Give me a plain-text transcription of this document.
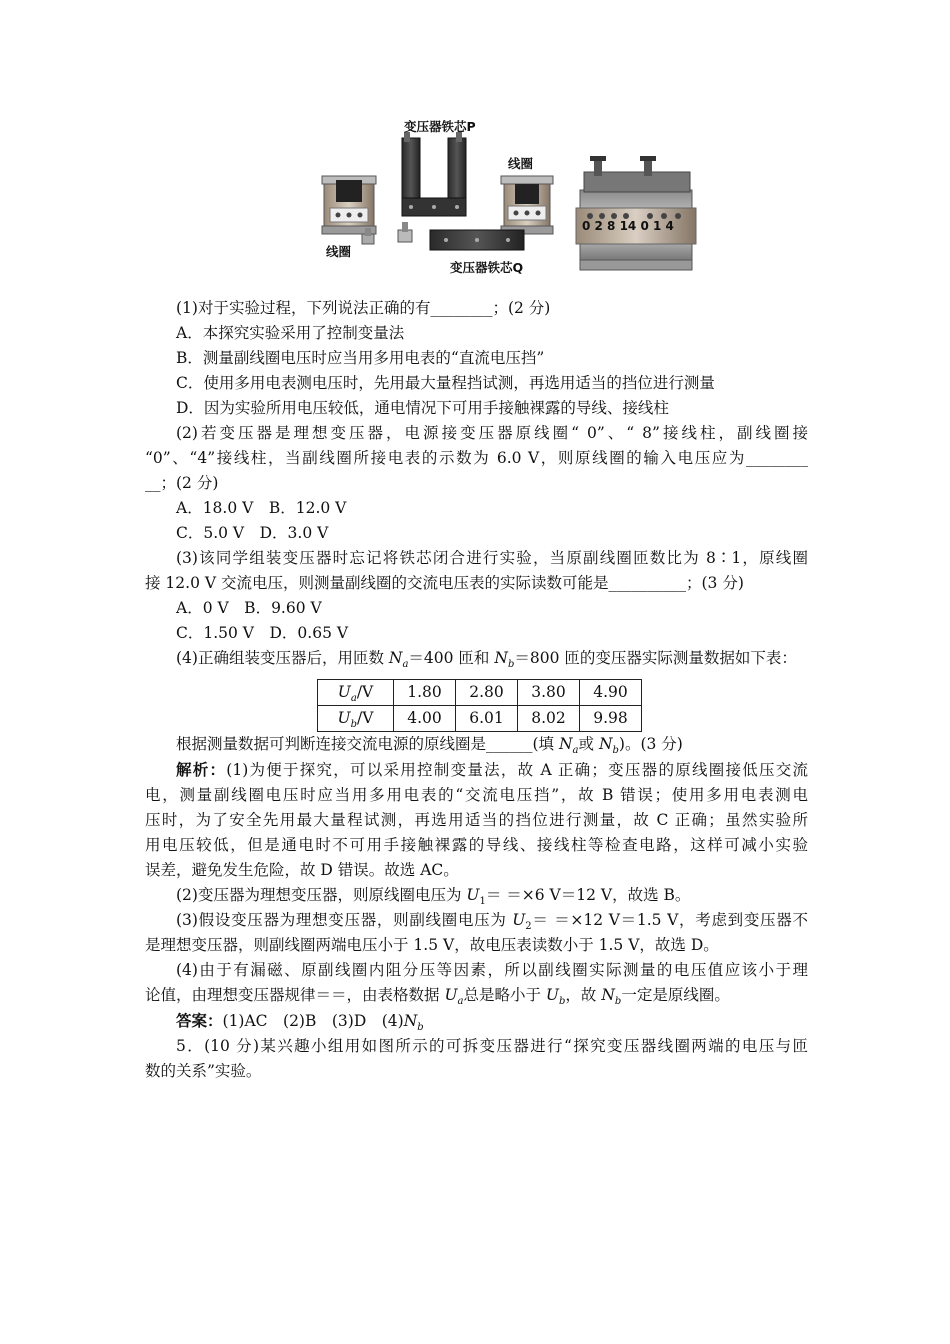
变压器铁芯P
线圈
线圈
变压器铁芯Q
0 2 8 14 0 1 4
(1)对于实验过程，下列说法正确的有________；(2 分)
A．本探究实验采用了控制变量法
B．测量副线圈电压时应当用多用电表的“直流电压挡”
C．使用多用电表测电压时，先用最大量程挡试测，再选用适当的挡位进行测量
D．因为实验所用电压较低，通电情况下可用手接触裸露的导线、接线柱
(2)若变压器是理想变压器，电源接变压器原线圈“ 0”、“ 8”接线柱，副线圈接
“0”、“4”接线柱，当副线圈所接电表的示数为 6.0 V，则原线圈的输入电压应为________
__；(2 分)
A．18.0 V　B．12.0 V
C．5.0 V　D．3.0 V
(3)该同学组装变压器时忘记将铁芯闭合进行实验，当原副线圈匝数比为 8∶1，原线圈
接 12.0 V 交流电压，则测量副线圈的交流电压表的实际读数可能是__________；(3 分)
A．0 V　B．9.60 V
C．1.50 V　D．0.65 V
(4)正确组装变压器后，用匝数 $N_a=400$ 匝和 $N_b=800$ 匝的变压器实际测量数据如下表：
$U_a/V$	1.80	2.80	3.80	4.90
$U_b/V$	4.00	6.01	8.02	9.98
根据测量数据可判断连接交流电源的原线圈是______(填 $N_a$或 $N_b$)。(3 分)
解析：(1)为便于探究，可以采用控制变量法，故 A 正确；变压器的原线圈接低压交流
电，测量副线圈电压时应当用多用电表的“交流电压挡”，故 B 错误；使用多用电表测电
压时，为了安全先用最大量程试测，再选用适当的挡位进行测量，故 C 正确；虽然实验所
用电压较低，但是通电时不可用手接触裸露的导线、接线柱等检查电路，这样可减小实验
误差，避免发生危险，故 D 错误。故选 AC。
(2)变压器为理想变压器，则原线圈电压为 $U_1= =\times 6$ V＝12 V，故选 B。
(3)假设变压器为理想变压器，则副线圈电压为 $U_2= =\times 12$ V＝1.5 V，考虑到变压器不
是理想变压器，则副线圈两端电压小于 1.5 V，故电压表读数小于 1.5 V，故选 D。
(4)由于有漏磁、原副线圈内阻分压等因素，所以副线圈实际测量的电压值应该小于理
论值，由理想变压器规律＝＝，由表格数据 $U_a$总是略小于 $U_b$，故 $N_b$一定是原线圈。
答案：(1)AC　(2)B　(3)D　$(4)N_b$
5．(10 分)某兴趣小组用如图所示的可拆变压器进行“探究变压器线圈两端的电压与匝
数的关系”实验。
